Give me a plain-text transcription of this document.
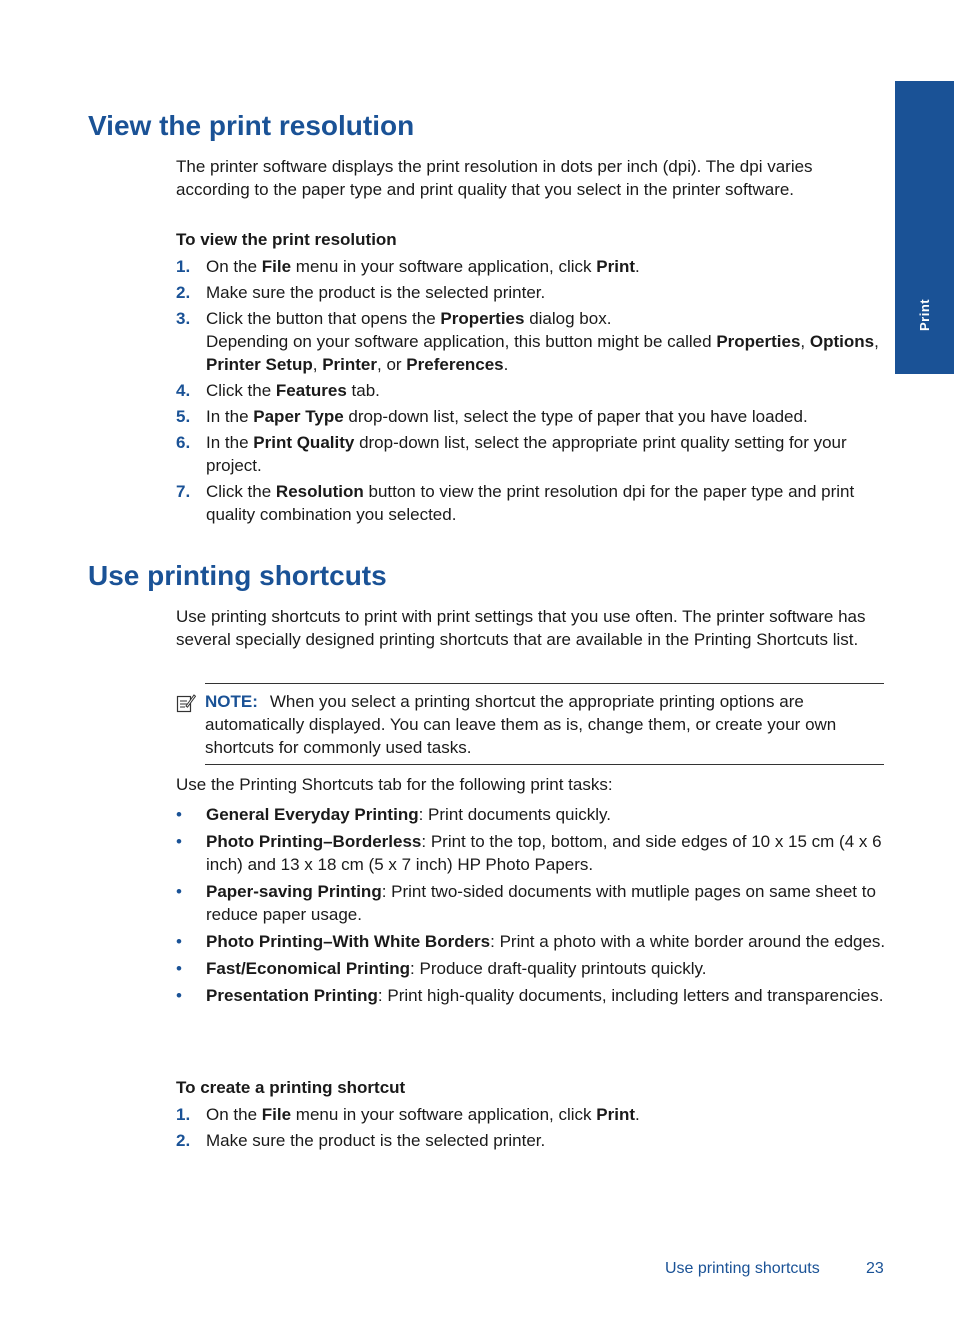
Print
View the print resolution

The printer software displays the print resolution in dots per inch (dpi). The dpi varies according to the paper type and print quality that you select in the printer software.

To view the print resolution

1. On the File menu in your software application, click Print.
2. Make sure the product is the selected printer.
3. Click the button that opens the Properties dialog box.
Depending on your software application, this button might be called Properties, Options, Printer Setup, Printer, or Preferences.
4. Click the Features tab.
5. In the Paper Type drop-down list, select the type of paper that you have loaded.
6. In the Print Quality drop-down list, select the appropriate print quality setting for your project.
7. Click the Resolution button to view the print resolution dpi for the paper type and print quality combination you selected.
Use printing shortcuts

Use printing shortcuts to print with print settings that you use often. The printer software has several specially designed printing shortcuts that are available in the Printing Shortcuts list.

NOTE: When you select a printing shortcut the appropriate printing options are automatically displayed. You can leave them as is, change them, or create your own shortcuts for commonly used tasks.

Use the Printing Shortcuts tab for the following print tasks:

• General Everyday Printing: Print documents quickly.
• Photo Printing–Borderless: Print to the top, bottom, and side edges of 10 x 15 cm (4 x 6 inch) and 13 x 18 cm (5 x 7 inch) HP Photo Papers.
• Paper-saving Printing: Print two-sided documents with mutliple pages on same sheet to reduce paper usage.
• Photo Printing–With White Borders: Print a photo with a white border around the edges.
• Fast/Economical Printing: Produce draft-quality printouts quickly.
• Presentation Printing: Print high-quality documents, including letters and transparencies.

To create a printing shortcut

1. On the File menu in your software application, click Print.
2. Make sure the product is the selected printer.
Use printing shortcuts	23
